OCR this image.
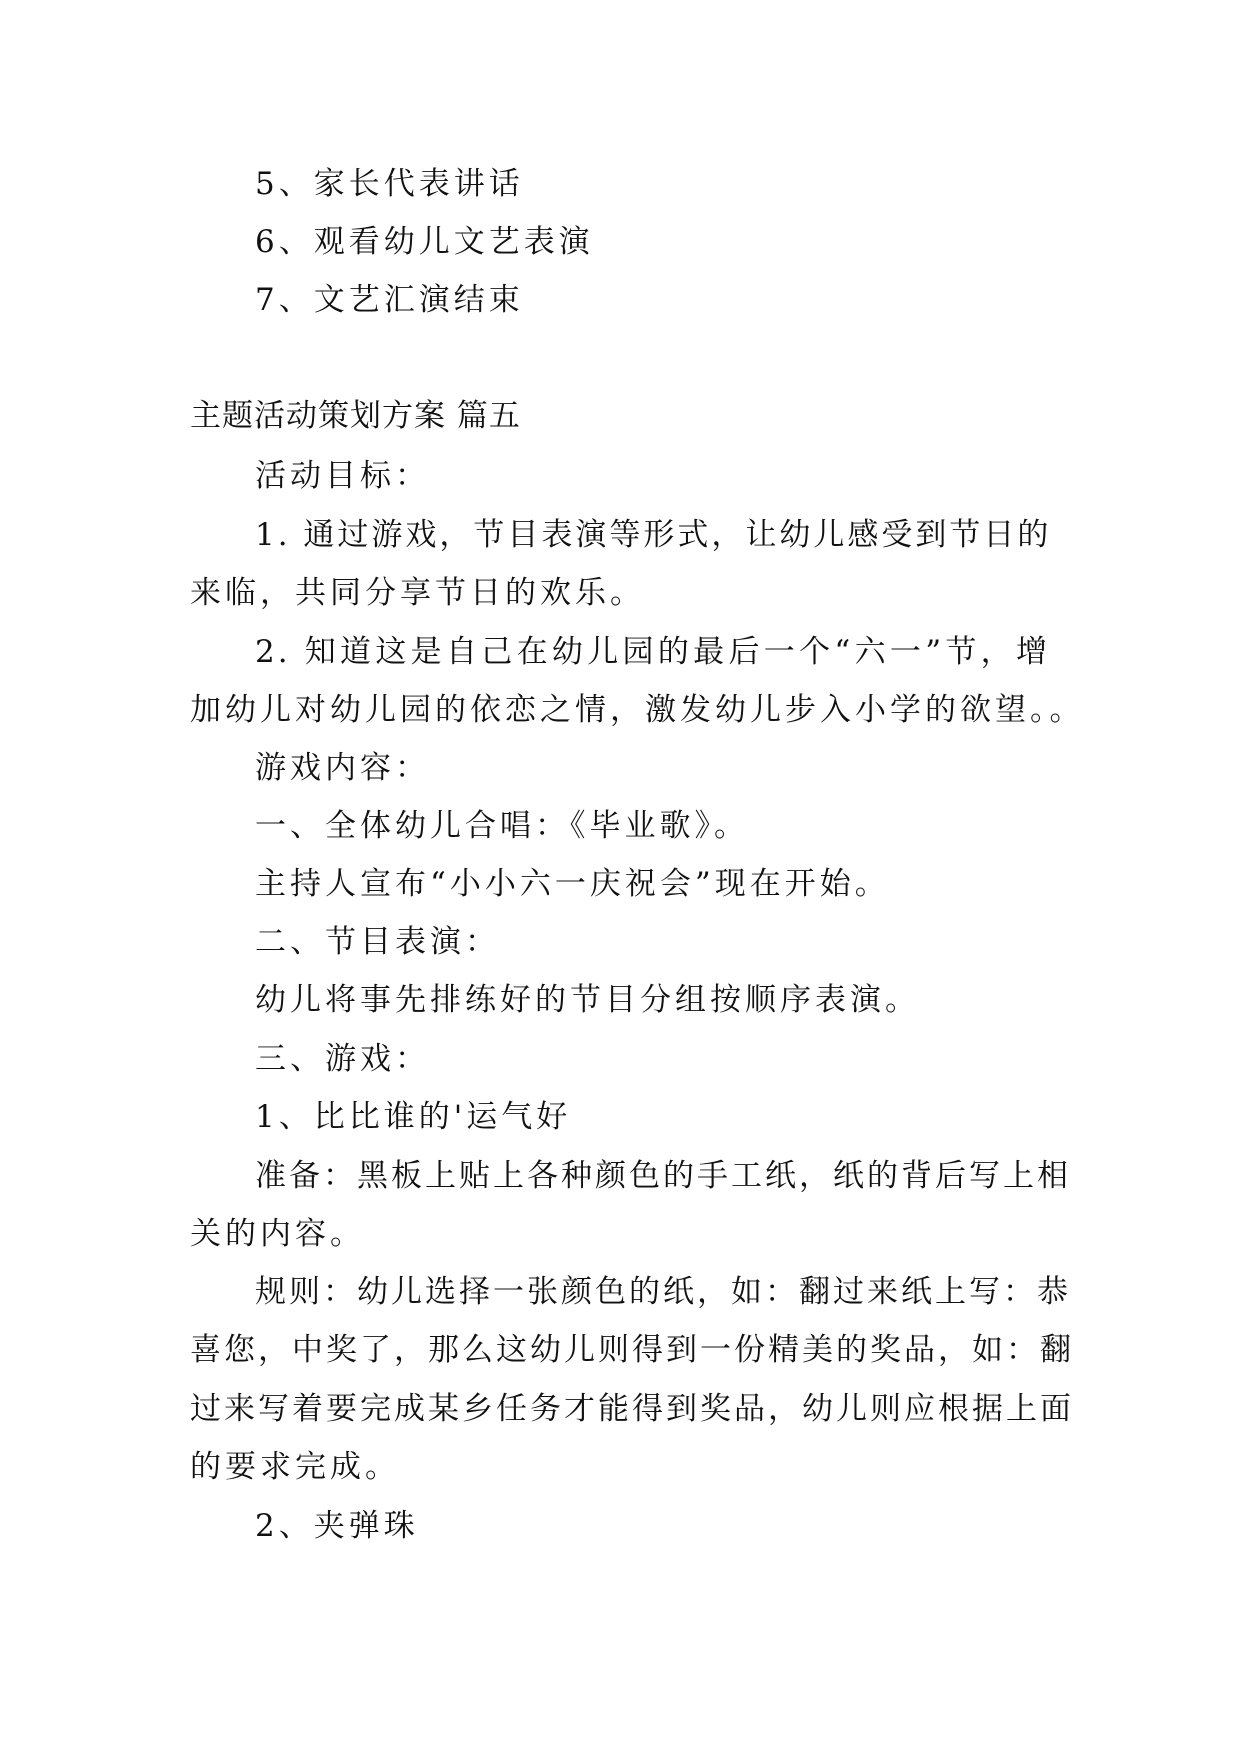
5、家长代表讲话
6、观看幼儿文艺表演
7、文艺汇演结束
主题活动策划方案 篇五
活动目标：
1. 通过游戏，节目表演等形式，让幼儿感受到节日的
来临，共同分享节日的欢乐。
2. 知道这是自己在幼儿园的最后一个“六一”节，增
加幼儿对幼儿园的依恋之情，激发幼儿步入小学的欲望。。
游戏内容：
一、全体幼儿合唱：《毕业歌》。
主持人宣布“小小六一庆祝会”现在开始。
二、节目表演：
幼儿将事先排练好的节目分组按顺序表演。
三、游戏：
1、比比谁的'运气好
准备：黑板上贴上各种颜色的手工纸，纸的背后写上相
关的内容。
规则：幼儿选择一张颜色的纸，如：翻过来纸上写：恭
喜您，中奖了，那么这幼儿则得到一份精美的奖品，如：翻
过来写着要完成某乡任务才能得到奖品，幼儿则应根据上面
的要求完成。
2、夹弹珠
